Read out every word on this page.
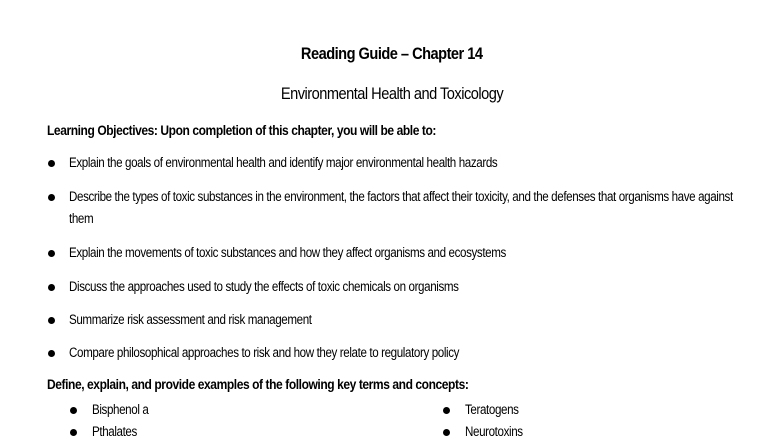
Reading Guide – Chapter 14
Environmental Health and Toxicology
Learning Objectives: Upon completion of this chapter, you will be able to:
Explain the goals of environmental health and identify major environmental health hazards
Describe the types of toxic substances in the environment, the factors that affect their toxicity, and the defenses that organisms have against them
Explain the movements of toxic substances and how they affect organisms and ecosystems
Discuss the approaches used to study the effects of toxic chemicals on organisms
Summarize risk assessment and risk management
Compare philosophical approaches to risk and how they relate to regulatory policy
Define, explain, and provide examples of the following key terms and concepts:
Bisphenol a
Pthalates
Teratogens
Neurotoxins
